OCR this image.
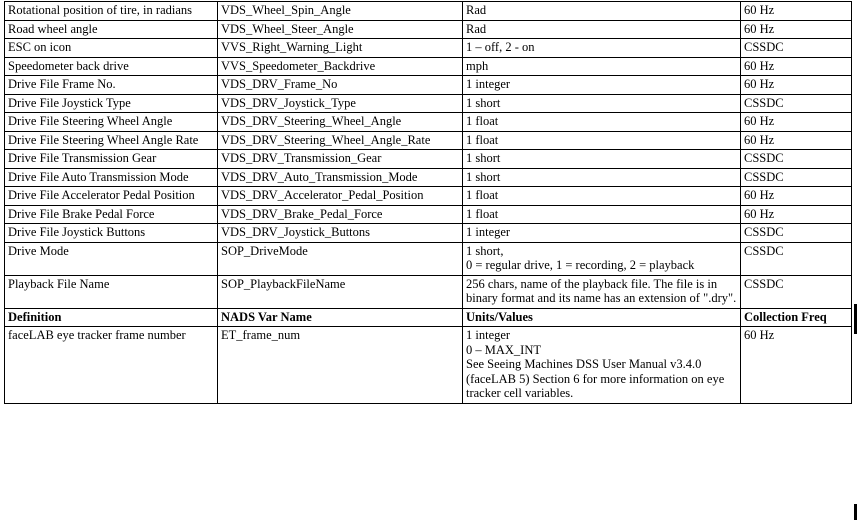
Rotational position of tire, in radians	VDS_Wheel_Spin_Angle	Rad	60 Hz

Road wheel angle	VDS_Wheel_Steer_Angle	Rad	60 Hz

ESC on icon	VVS_Right_Warning_Light	1 – off, 2 - on	CSSDC

Speedometer back drive	VVS_Speedometer_Backdrive	mph	60 Hz

Drive File Frame No.	VDS_DRV_Frame_No	1 integer	60 Hz

Drive File Joystick Type	VDS_DRV_Joystick_Type	1 short	CSSDC

Drive File Steering Wheel Angle	VDS_DRV_Steering_Wheel_Angle	1 float	60 Hz

Drive File Steering Wheel Angle Rate	VDS_DRV_Steering_Wheel_Angle_Rate	1 float	60 Hz

Drive File Transmission Gear	VDS_DRV_Transmission_Gear	1 short	CSSDC

Drive File Auto Transmission Mode	VDS_DRV_Auto_Transmission_Mode	1 short	CSSDC

Drive File Accelerator Pedal Position	VDS_DRV_Accelerator_Pedal_Position	1 float	60 Hz

Drive File Brake Pedal Force	VDS_DRV_Brake_Pedal_Force	1 float	60 Hz

Drive File Joystick Buttons	VDS_DRV_Joystick_Buttons	1 integer	CSSDC

Drive Mode	SOP_DriveMode	1 short,
0 = regular drive, 1 = recording, 2 = playback	CSSDC

Playback File Name	SOP_PlaybackFileName	256 chars, name of the playback file. The file is in binary format and its name has an extension of ".dry".	CSSDC

Definition	NADS Var Name	Units/Values	Collection Freq

faceLAB eye tracker frame number	ET_frame_num	1 integer
0 – MAX_INT
See Seeing Machines DSS User Manual v3.4.0 (faceLAB 5) Section 6 for more information on eye tracker cell variables.	60 Hz
